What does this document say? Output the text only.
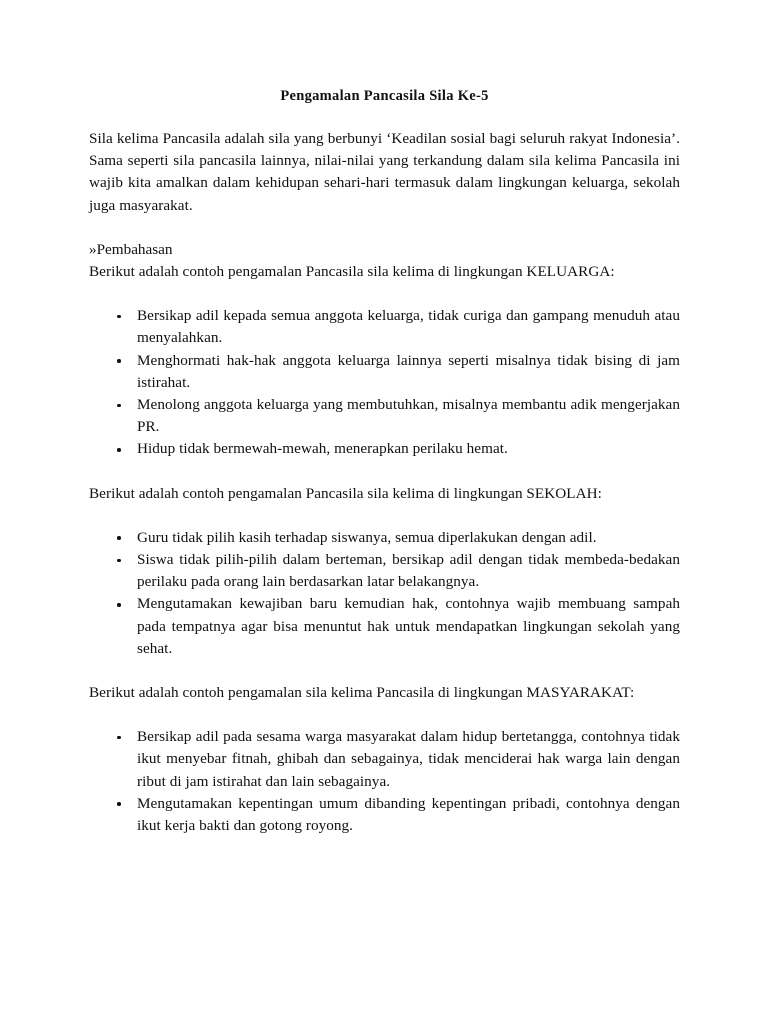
Pengamalan Pancasila Sila Ke-5

Sila kelima Pancasila adalah sila yang berbunyi ‘Keadilan sosial bagi seluruh rakyat Indonesia’. Sama seperti sila pancasila lainnya, nilai-nilai yang terkandung dalam sila kelima Pancasila ini wajib kita amalkan dalam kehidupan sehari-hari termasuk dalam lingkungan keluarga, sekolah juga masyarakat.

»Pembahasan

Berikut adalah contoh pengamalan Pancasila sila kelima di lingkungan KELUARGA:

Bersikap adil kepada semua anggota keluarga, tidak curiga dan gampang menuduh atau menyalahkan.
Menghormati hak-hak anggota keluarga lainnya seperti misalnya tidak bising di jam istirahat.
Menolong anggota keluarga yang membutuhkan, misalnya membantu adik mengerjakan PR.
Hidup tidak bermewah-mewah, menerapkan perilaku hemat.

Berikut adalah contoh pengamalan Pancasila sila kelima di lingkungan SEKOLAH:

Guru tidak pilih kasih terhadap siswanya, semua diperlakukan dengan adil.
Siswa tidak pilih-pilih dalam berteman, bersikap adil dengan tidak membeda-bedakan perilaku pada orang lain berdasarkan latar belakangnya.
Mengutamakan kewajiban baru kemudian hak, contohnya wajib membuang sampah pada tempatnya agar bisa menuntut hak untuk mendapatkan lingkungan sekolah yang sehat.

Berikut adalah contoh pengamalan sila kelima Pancasila di lingkungan MASYARAKAT:

Bersikap adil pada sesama warga masyarakat dalam hidup bertetangga, contohnya tidak ikut menyebar fitnah, ghibah dan sebagainya, tidak menciderai hak warga lain dengan ribut di jam istirahat dan lain sebagainya.
Mengutamakan kepentingan umum dibanding kepentingan pribadi, contohnya dengan ikut kerja bakti dan gotong royong.
